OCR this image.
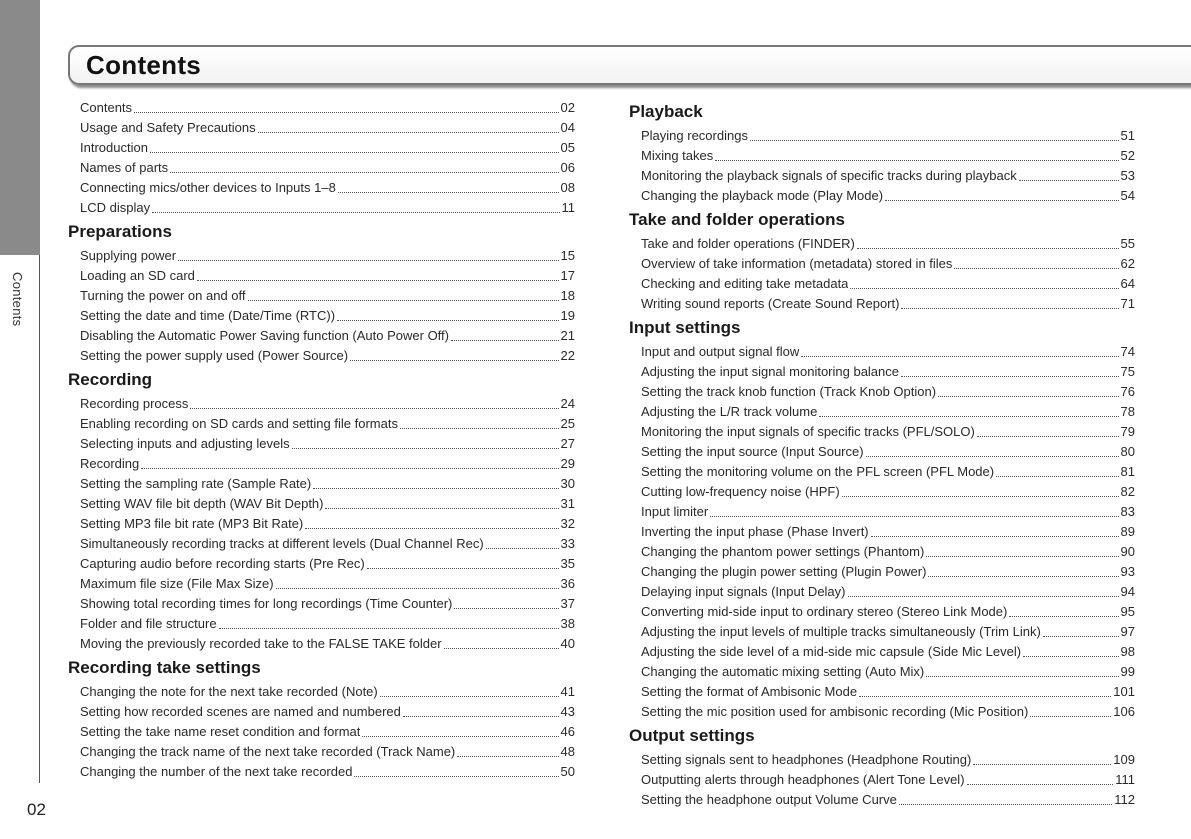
Contents
Contents
Contents	02
Usage and Safety Precautions	04
Introduction	05
Names of parts	06
Connecting mics/other devices to Inputs 1–8	08
LCD display	11
Preparations
Supplying power	15
Loading an SD card	17
Turning the power on and off	18
Setting the date and time (Date/Time (RTC))	19
Disabling the Automatic Power Saving function (Auto Power Off)	21
Setting the power supply used (Power Source)	22
Recording
Recording process	24
Enabling recording on SD cards and setting file formats	25
Selecting inputs and adjusting levels	27
Recording	29
Setting the sampling rate (Sample Rate)	30
Setting WAV file bit depth (WAV Bit Depth)	31
Setting MP3 file bit rate (MP3 Bit Rate)	32
Simultaneously recording tracks at different levels (Dual Channel Rec)	33
Capturing audio before recording starts (Pre Rec)	35
Maximum file size (File Max Size)	36
Showing total recording times for long recordings (Time Counter)	37
Folder and file structure	38
Moving the previously recorded take to the FALSE TAKE folder	40
Recording take settings
Changing the note for the next take recorded (Note)	41
Setting how recorded scenes are named and numbered	43
Setting the take name reset condition and format	46
Changing the track name of the next take recorded (Track Name)	48
Changing the number of the next take recorded	50
Playback
Playing recordings	51
Mixing takes	52
Monitoring the playback signals of specific tracks during playback	53
Changing the playback mode (Play Mode)	54
Take and folder operations
Take and folder operations (FINDER)	55
Overview of take information (metadata) stored in files	62
Checking and editing take metadata	64
Writing sound reports (Create Sound Report)	71
Input settings
Input and output signal flow	74
Adjusting the input signal monitoring balance	75
Setting the track knob function (Track Knob Option)	76
Adjusting the L/R track volume	78
Monitoring the input signals of specific tracks (PFL/SOLO)	79
Setting the input source (Input Source)	80
Setting the monitoring volume on the PFL screen (PFL Mode)	81
Cutting low-frequency noise (HPF)	82
Input limiter	83
Inverting the input phase (Phase Invert)	89
Changing the phantom power settings (Phantom)	90
Changing the plugin power setting (Plugin Power)	93
Delaying input signals (Input Delay)	94
Converting mid-side input to ordinary stereo (Stereo Link Mode)	95
Adjusting the input levels of multiple tracks simultaneously (Trim Link)	97
Adjusting the side level of a mid-side mic capsule (Side Mic Level)	98
Changing the automatic mixing setting (Auto Mix)	99
Setting the format of Ambisonic Mode	101
Setting the mic position used for ambisonic recording (Mic Position)	106
Output settings
Setting signals sent to headphones (Headphone Routing)	109
Outputting alerts through headphones (Alert Tone Level)	111
Setting the headphone output Volume Curve	112
02
